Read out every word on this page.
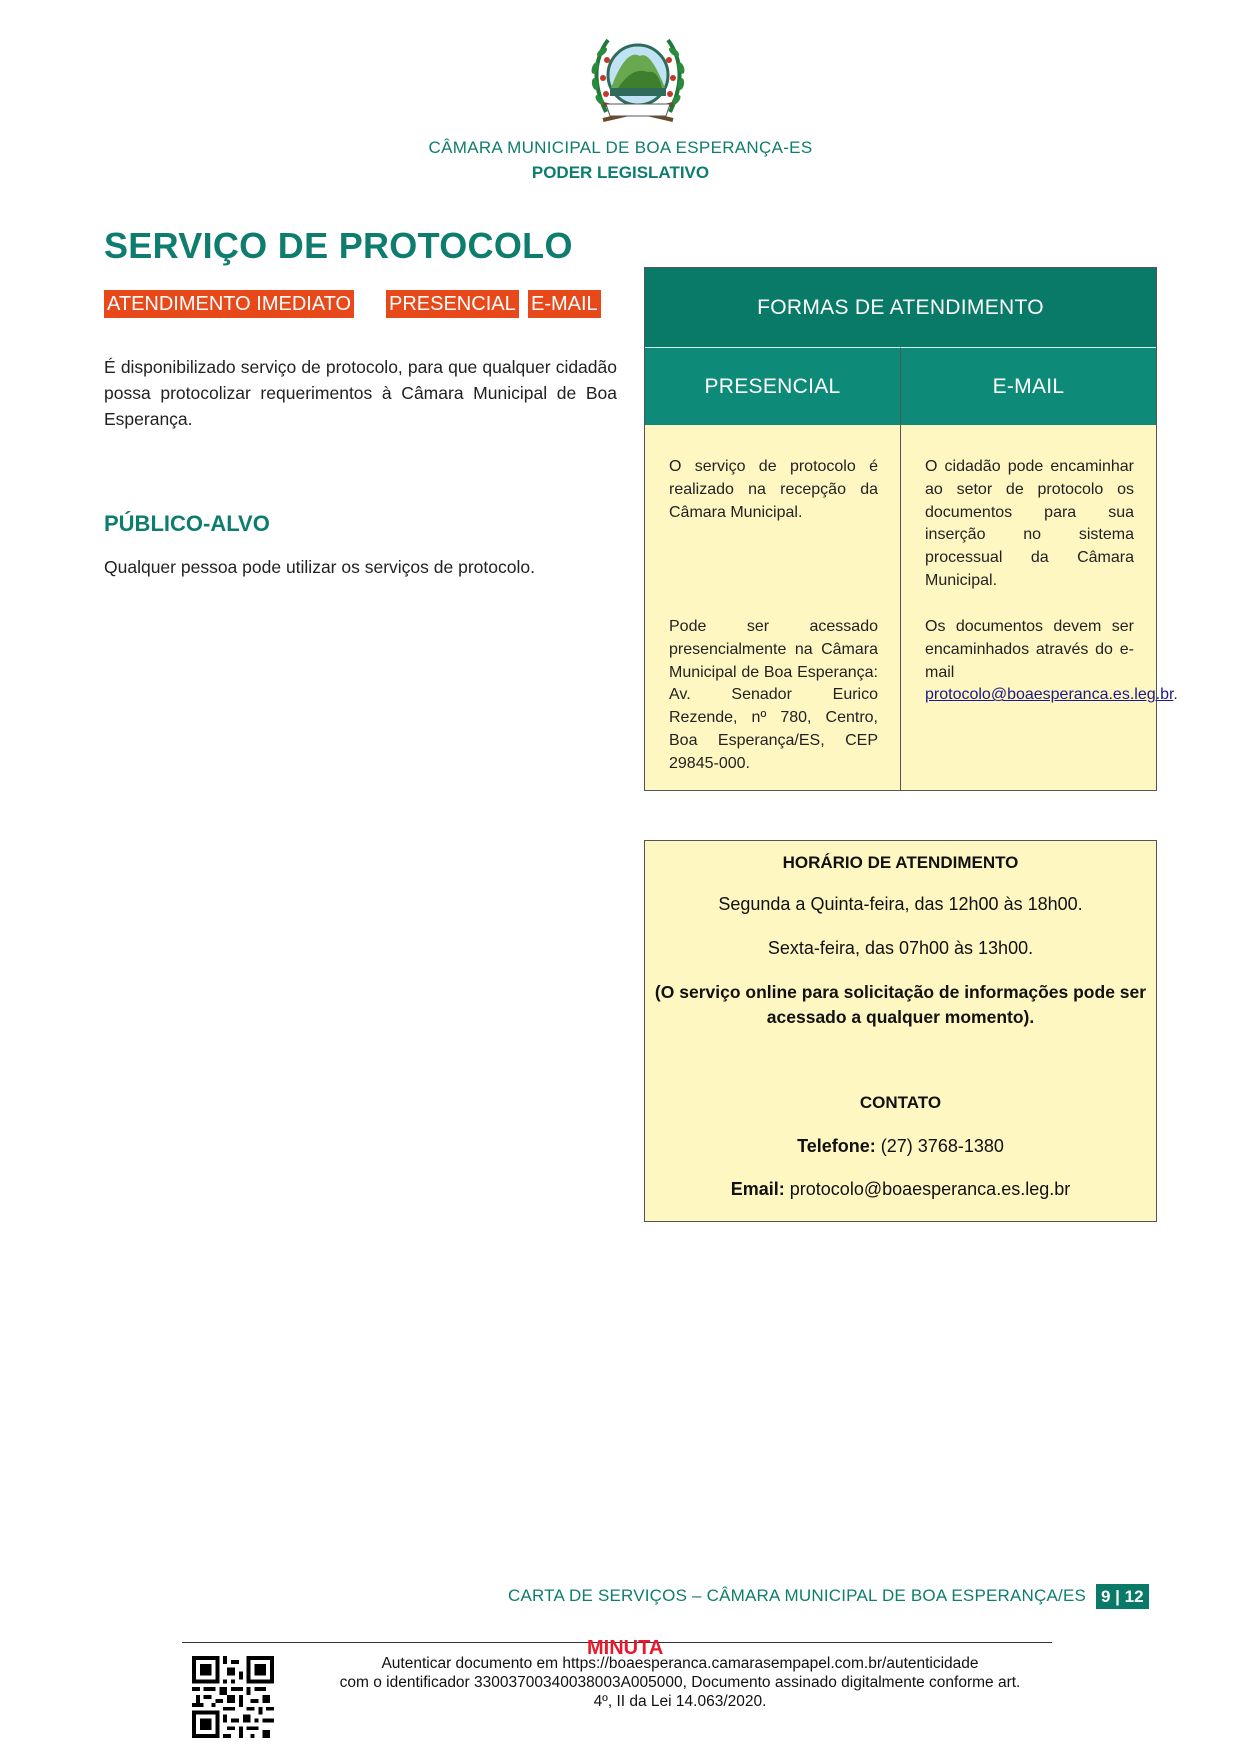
CÂMARA MUNICIPAL DE BOA ESPERANÇA-ES
PODER LEGISLATIVO
SERVIÇO DE PROTOCOLO
ATENDIMENTO IMEDIATO PRESENCIAL E-MAIL
É disponibilizado serviço de protocolo, para que qualquer cidadão possa protocolizar requerimentos à Câmara Municipal de Boa Esperança.
PÚBLICO-ALVO
Qualquer pessoa pode utilizar os serviços de protocolo.
FORMAS DE ATENDIMENTO
PRESENCIAL	E-MAIL
O serviço de protocolo é realizado na recepção da Câmara Municipal.
Pode ser acessado presencialmente na Câmara Municipal de Boa Esperança: Av. Senador Eurico Rezende, nº 780, Centro, Boa Esperança/ES, CEP 29845-000.
O cidadão pode encaminhar ao setor de protocolo os documentos para sua inserção no sistema processual da Câmara Municipal.
Os documentos devem ser encaminhados através do e-mail protocolo@boaesperanca.es.leg.br.
HORÁRIO DE ATENDIMENTO
Segunda a Quinta-feira, das 12h00 às 18h00.
Sexta-feira, das 07h00 às 13h00.
(O serviço online para solicitação de informações pode ser acessado a qualquer momento).
CONTATO
Telefone: (27) 3768-1380
Email: protocolo@boaesperanca.es.leg.br
CARTA DE SERVIÇOS – CÂMARA MUNICIPAL DE BOA ESPERANÇA/ES 9 | 12
MINUTA
Autenticar documento em https://boaesperanca.camarasempapel.com.br/autenticidade
com o identificador 33003700340038003A005000, Documento assinado digitalmente conforme art.
4º, II da Lei 14.063/2020.
